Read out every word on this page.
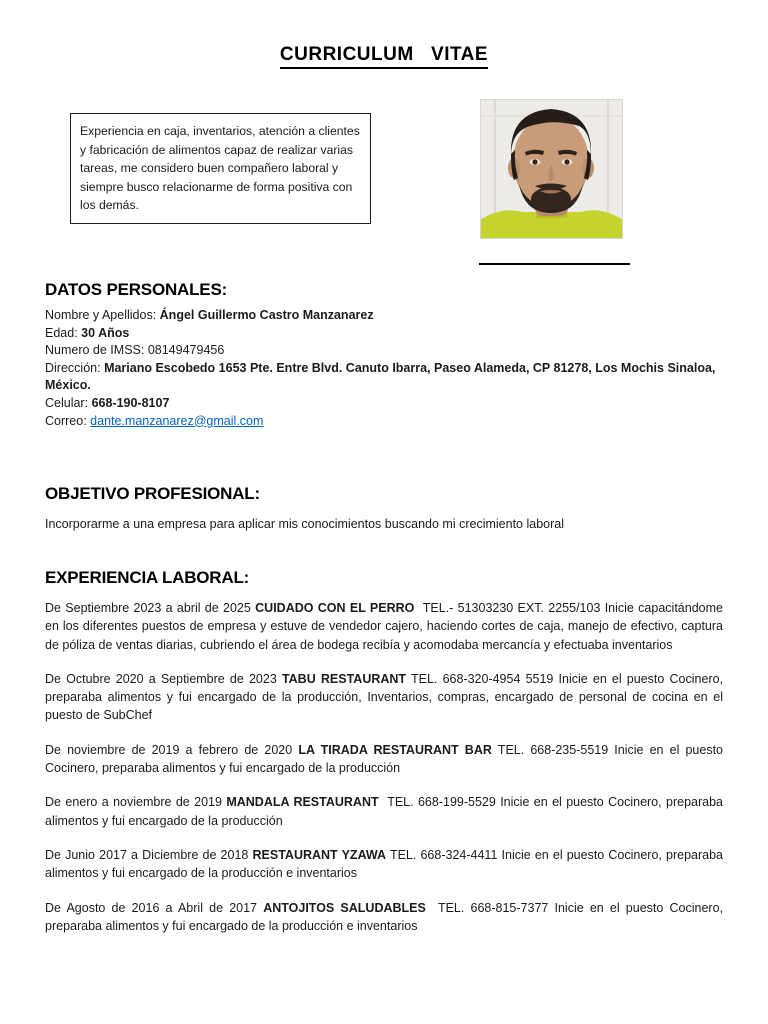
CURRICULUM   VITAE

Experiencia en caja, inventarios, atención a clientes y fabricación de alimentos capaz de realizar varias tareas, me considero buen compañero laboral y siempre busco relacionarme de forma positiva con los demás.

DATOS PERSONALES:
Nombre y Apellidos: Ángel Guillermo Castro Manzanarez
Edad: 30 Años
Numero de IMSS: 08149479456
Dirección: Mariano Escobedo 1653 Pte. Entre Blvd. Canuto Ibarra, Paseo Alameda, CP 81278, Los Mochis Sinaloa, México.
Celular: 668-190-8107
Correo: dante.manzanarez@gmail.com
OBJETIVO PROFESIONAL:
Incorporarme a una empresa para aplicar mis conocimientos buscando mi crecimiento laboral
EXPERIENCIA LABORAL:

De Septiembre 2023 a abril de 2025 CUIDADO CON EL PERRO TEL.- 51303230 EXT. 2255/103 Inicie capacitándome en los diferentes puestos de empresa y estuve de vendedor cajero, haciendo cortes de caja, manejo de efectivo, captura de póliza de ventas diarias, cubriendo el área de bodega recibía y acomodaba mercancía y efectuaba inventarios

De Octubre 2020 a Septiembre de 2023 TABU RESTAURANT TEL. 668-320-4954 5519 Inicie en el puesto Cocinero, preparaba alimentos y fui encargado de la producción, Inventarios, compras, encargado de personal de cocina en el puesto de SubChef

De noviembre de 2019 a febrero de 2020 LA TIRADA RESTAURANT BAR TEL. 668-235-5519 Inicie en el puesto Cocinero, preparaba alimentos y fui encargado de la producción

De enero a noviembre de 2019 MANDALA RESTAURANT TEL. 668-199-5529 Inicie en el puesto Cocinero, preparaba alimentos y fui encargado de la producción

De Junio 2017 a Diciembre de 2018 RESTAURANT YZAWA TEL. 668-324-4411 Inicie en el puesto Cocinero, preparaba alimentos y fui encargado de la producción e inventarios

De Agosto de 2016 a Abril de 2017 ANTOJITOS SALUDABLES TEL. 668-815-7377 Inicie en el puesto Cocinero, preparaba alimentos y fui encargado de la producción e inventarios
